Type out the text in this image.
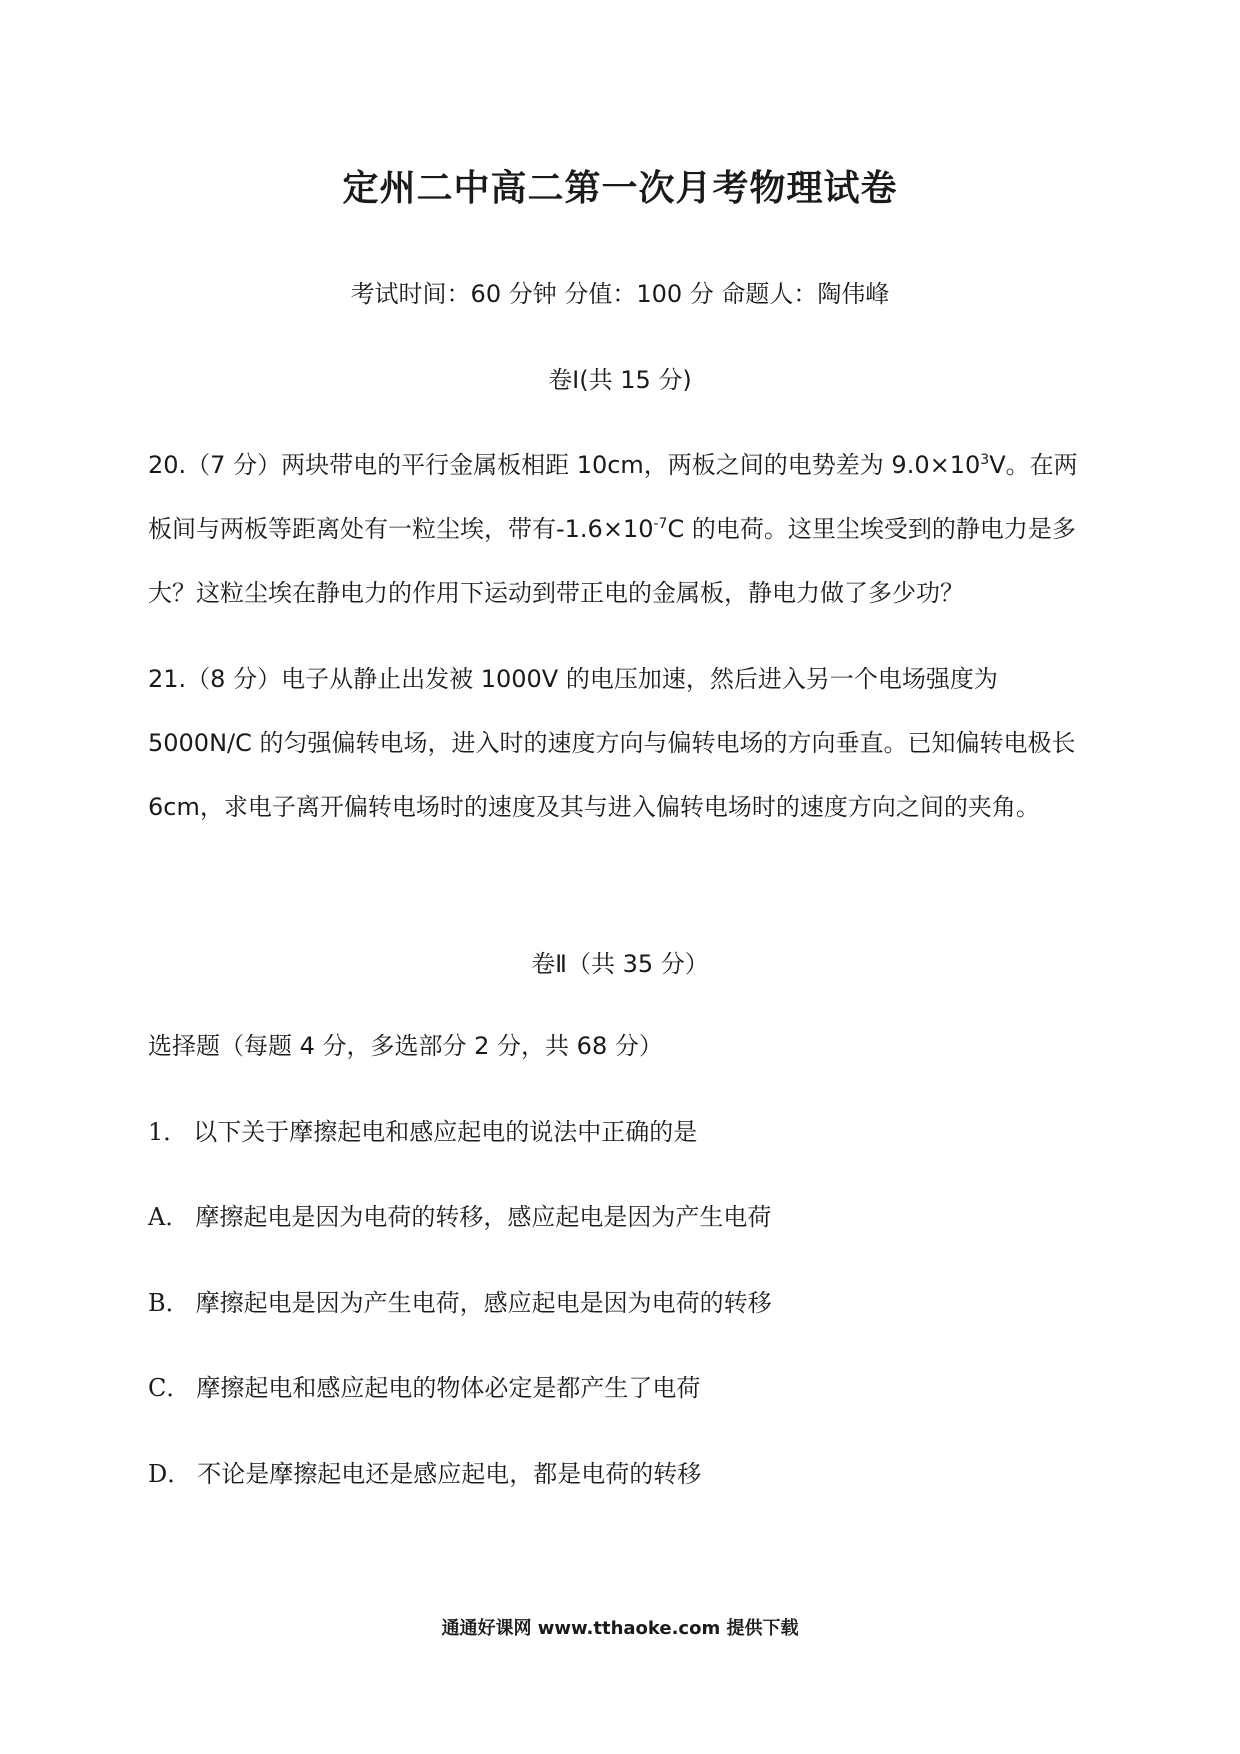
定州二中高二第一次月考物理试卷
考试时间：60 分钟 分值：100 分 命题人：陶伟峰
卷Ⅰ(共 15 分)
20.（7 分）两块带电的平行金属板相距 10cm，两板之间的电势差为 $9.0\times 10^3V$。在两板间与两板等距离处有一粒尘埃，带有$-1.6\times 10^{-7}C$ 的电荷。这里尘埃受到的静电力是多大？这粒尘埃在静电力的作用下运动到带正电的金属板，静电力做了多少功？
21.（8 分）电子从静止出发被 1000V 的电压加速，然后进入另一个电场强度为 5000N/C 的匀强偏转电场，进入时的速度方向与偏转电场的方向垂直。已知偏转电极长 6cm，求电子离开偏转电场时的速度及其与进入偏转电场时的速度方向之间的夹角。
卷Ⅱ（共 35 分）
选择题（每题 4 分，多选部分 2 分，共 68 分）
1． 以下关于摩擦起电和感应起电的说法中正确的是
A． 摩擦起电是因为电荷的转移，感应起电是因为产生电荷
B． 摩擦起电是因为产生电荷，感应起电是因为电荷的转移
C． 摩擦起电和感应起电的物体必定是都产生了电荷
D． 不论是摩擦起电还是感应起电，都是电荷的转移
通通好课网 www.tthaoke.com 提供下载
